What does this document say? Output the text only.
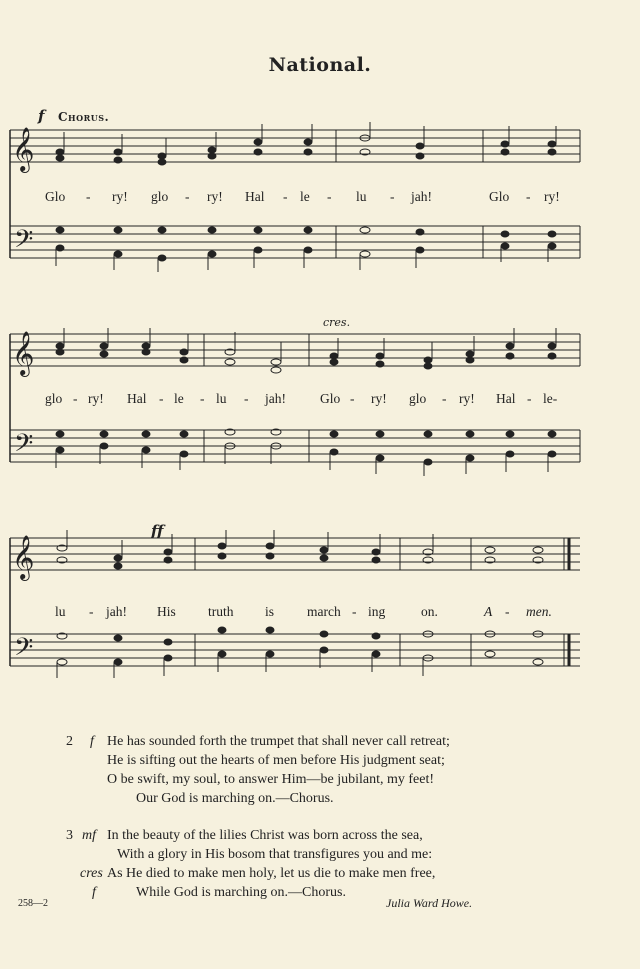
National.
f Chorus.
𝄞
𝄢
Glo - ry! glo - ry! Hal - le - lu - jah!	Glo - ry!
cres.
𝄞
𝄢
glo - ry! Hal - le - lu - jah!	Glo - ry! glo - ry! Hal - le-
ff
𝄞
𝄢
lu - jah! His truth is march - ing	on.	A - men.
2 f He has sounded forth the trumpet that shall never call retreat;
He is sifting out the hearts of men before His judgment seat;
O be swift, my soul, to answer Him—be jubilant, my feet!
Our God is marching on.—Chorus.
3 mf In the beauty of the lilies Christ was born across the sea,
With a glory in His bosom that transfigures you and me:
cres As He died to make men holy, let us die to make men free,
f	While God is marching on.—Chorus.
258—2	Julia Ward Howe.
